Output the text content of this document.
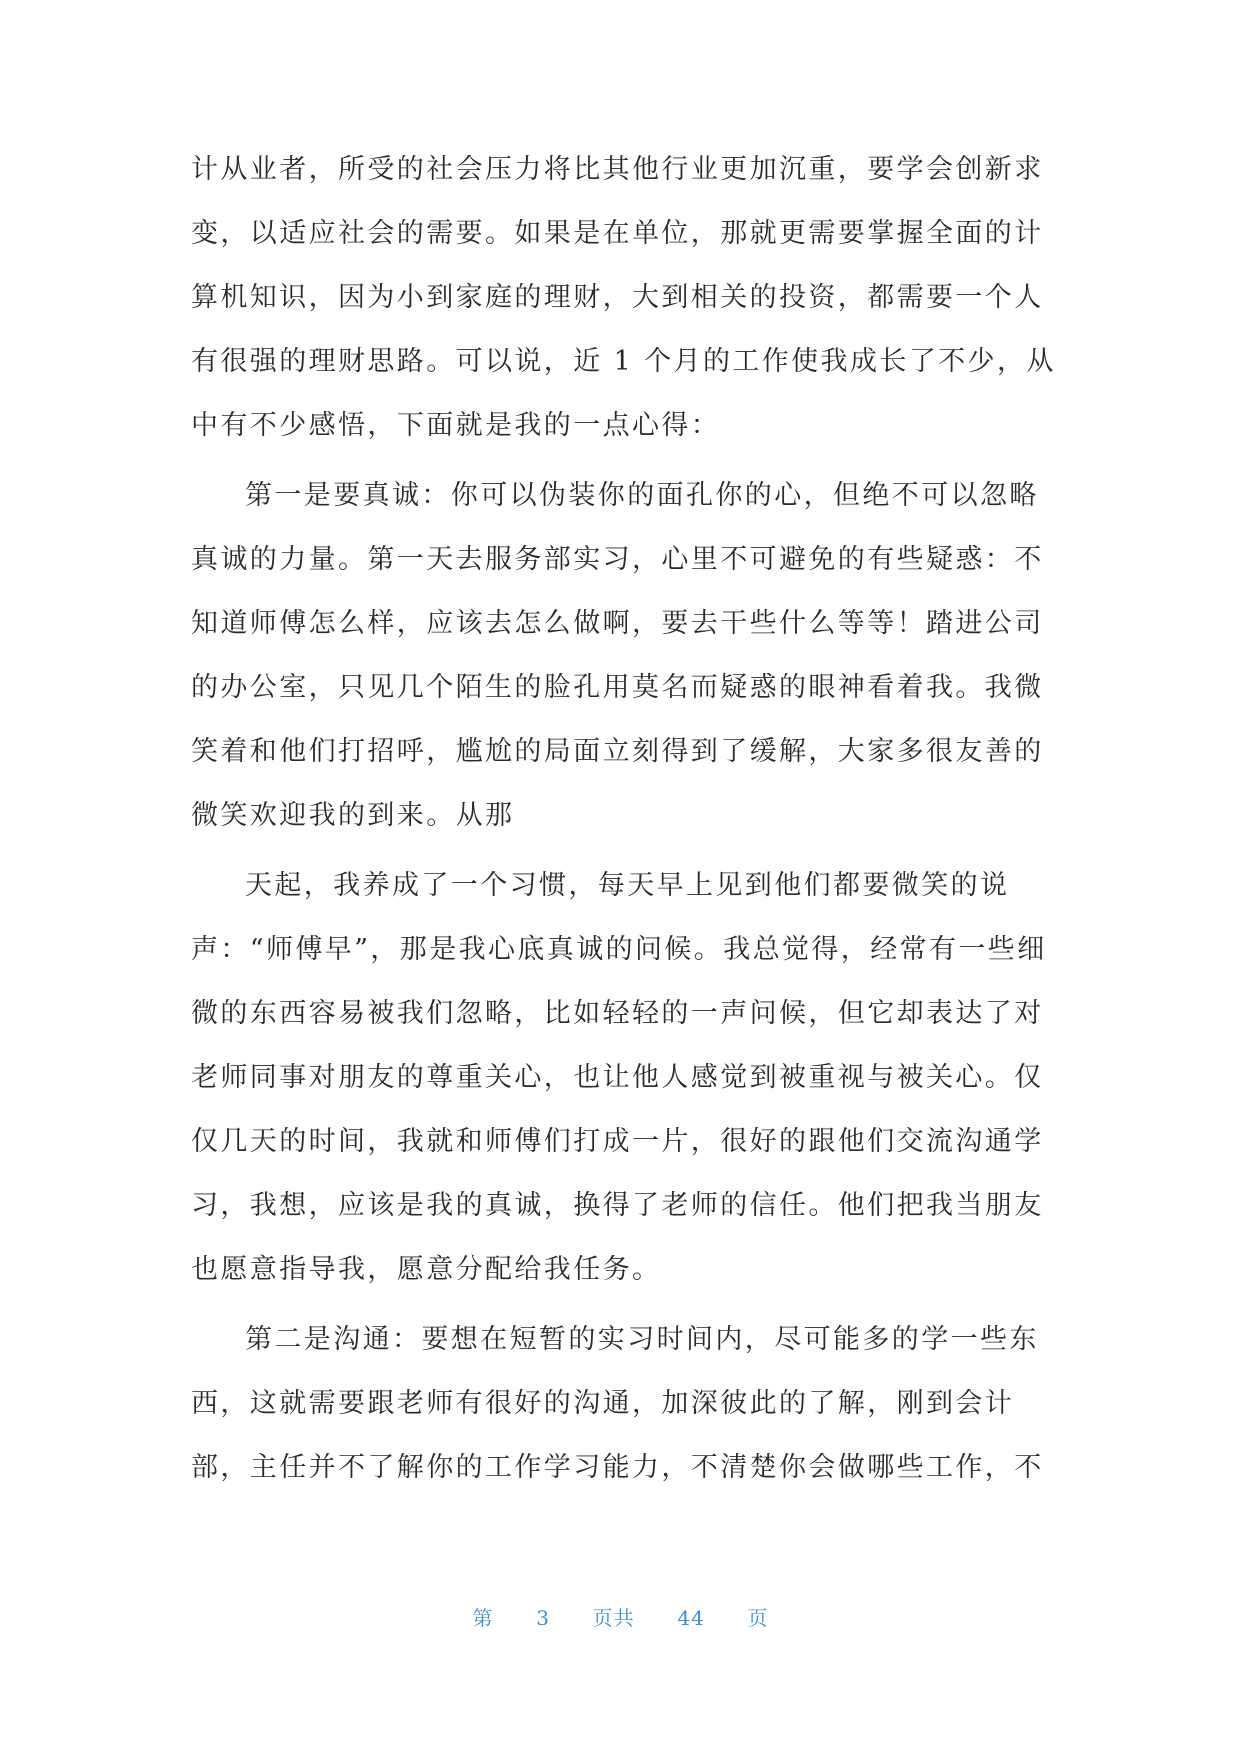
计从业者，所受的社会压力将比其他行业更加沉重，要学会创新求
变，以适应社会的需要。如果是在单位，那就更需要掌握全面的计
算机知识，因为小到家庭的理财，大到相关的投资，都需要一个人
有很强的理财思路。可以说，近 1 个月的工作使我成长了不少，从
中有不少感悟，下面就是我的一点心得：
第一是要真诚：你可以伪装你的面孔你的心，但绝不可以忽略
真诚的力量。第一天去服务部实习，心里不可避免的有些疑惑：不
知道师傅怎么样，应该去怎么做啊，要去干些什么等等！踏进公司
的办公室，只见几个陌生的脸孔用莫名而疑惑的眼神看着我。我微
笑着和他们打招呼，尴尬的局面立刻得到了缓解，大家多很友善的
微笑欢迎我的到来。从那
天起，我养成了一个习惯，每天早上见到他们都要微笑的说
声：“师傅早”，那是我心底真诚的问候。我总觉得，经常有一些细
微的东西容易被我们忽略，比如轻轻的一声问候，但它却表达了对
老师同事对朋友的尊重关心，也让他人感觉到被重视与被关心。仅
仅几天的时间，我就和师傅们打成一片，很好的跟他们交流沟通学
习，我想，应该是我的真诚，换得了老师的信任。他们把我当朋友
也愿意指导我，愿意分配给我任务。
第二是沟通：要想在短暂的实习时间内，尽可能多的学一些东
西，这就需要跟老师有很好的沟通，加深彼此的了解，刚到会计
部，主任并不了解你的工作学习能力，不清楚你会做哪些工作，不
第 3 页共 44 页
